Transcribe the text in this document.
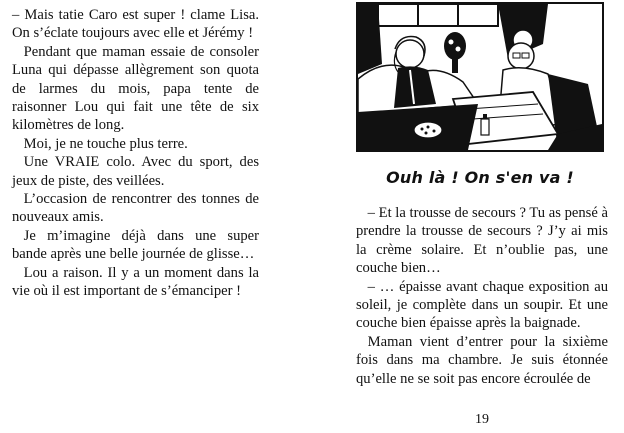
– Mais tatie Caro est super ! clame Lisa. On s’éclate toujours avec elle et Jérémy !

Pendant que maman essaie de consoler Luna qui dépasse allègrement son quota de larmes du mois, papa tente de raisonner Lou qui fait une tête de six kilomètres de long.

Moi, je ne touche plus terre.

Une VRAIE colo. Avec du sport, des jeux de piste, des veillées.

L’occasion de rencontrer des tonnes de nouveaux amis.

Je m’imagine déjà dans une super bande après une belle journée de glisse…

Lou a raison. Il y a un moment dans la vie où il est important de s’émanciper !

Ouh là ! On s'en va !

– Et la trousse de secours ? Tu as pensé à prendre la trousse de secours ? J’y ai mis la crème solaire. Et n’oublie pas, une couche bien…

– … épaisse avant chaque exposition au soleil, je complète dans un soupir. Et une couche bien épaisse après la baignade.

Maman vient d’entrer pour la sixième fois dans ma chambre. Je suis étonnée qu’elle ne se soit pas encore écroulée de

19
